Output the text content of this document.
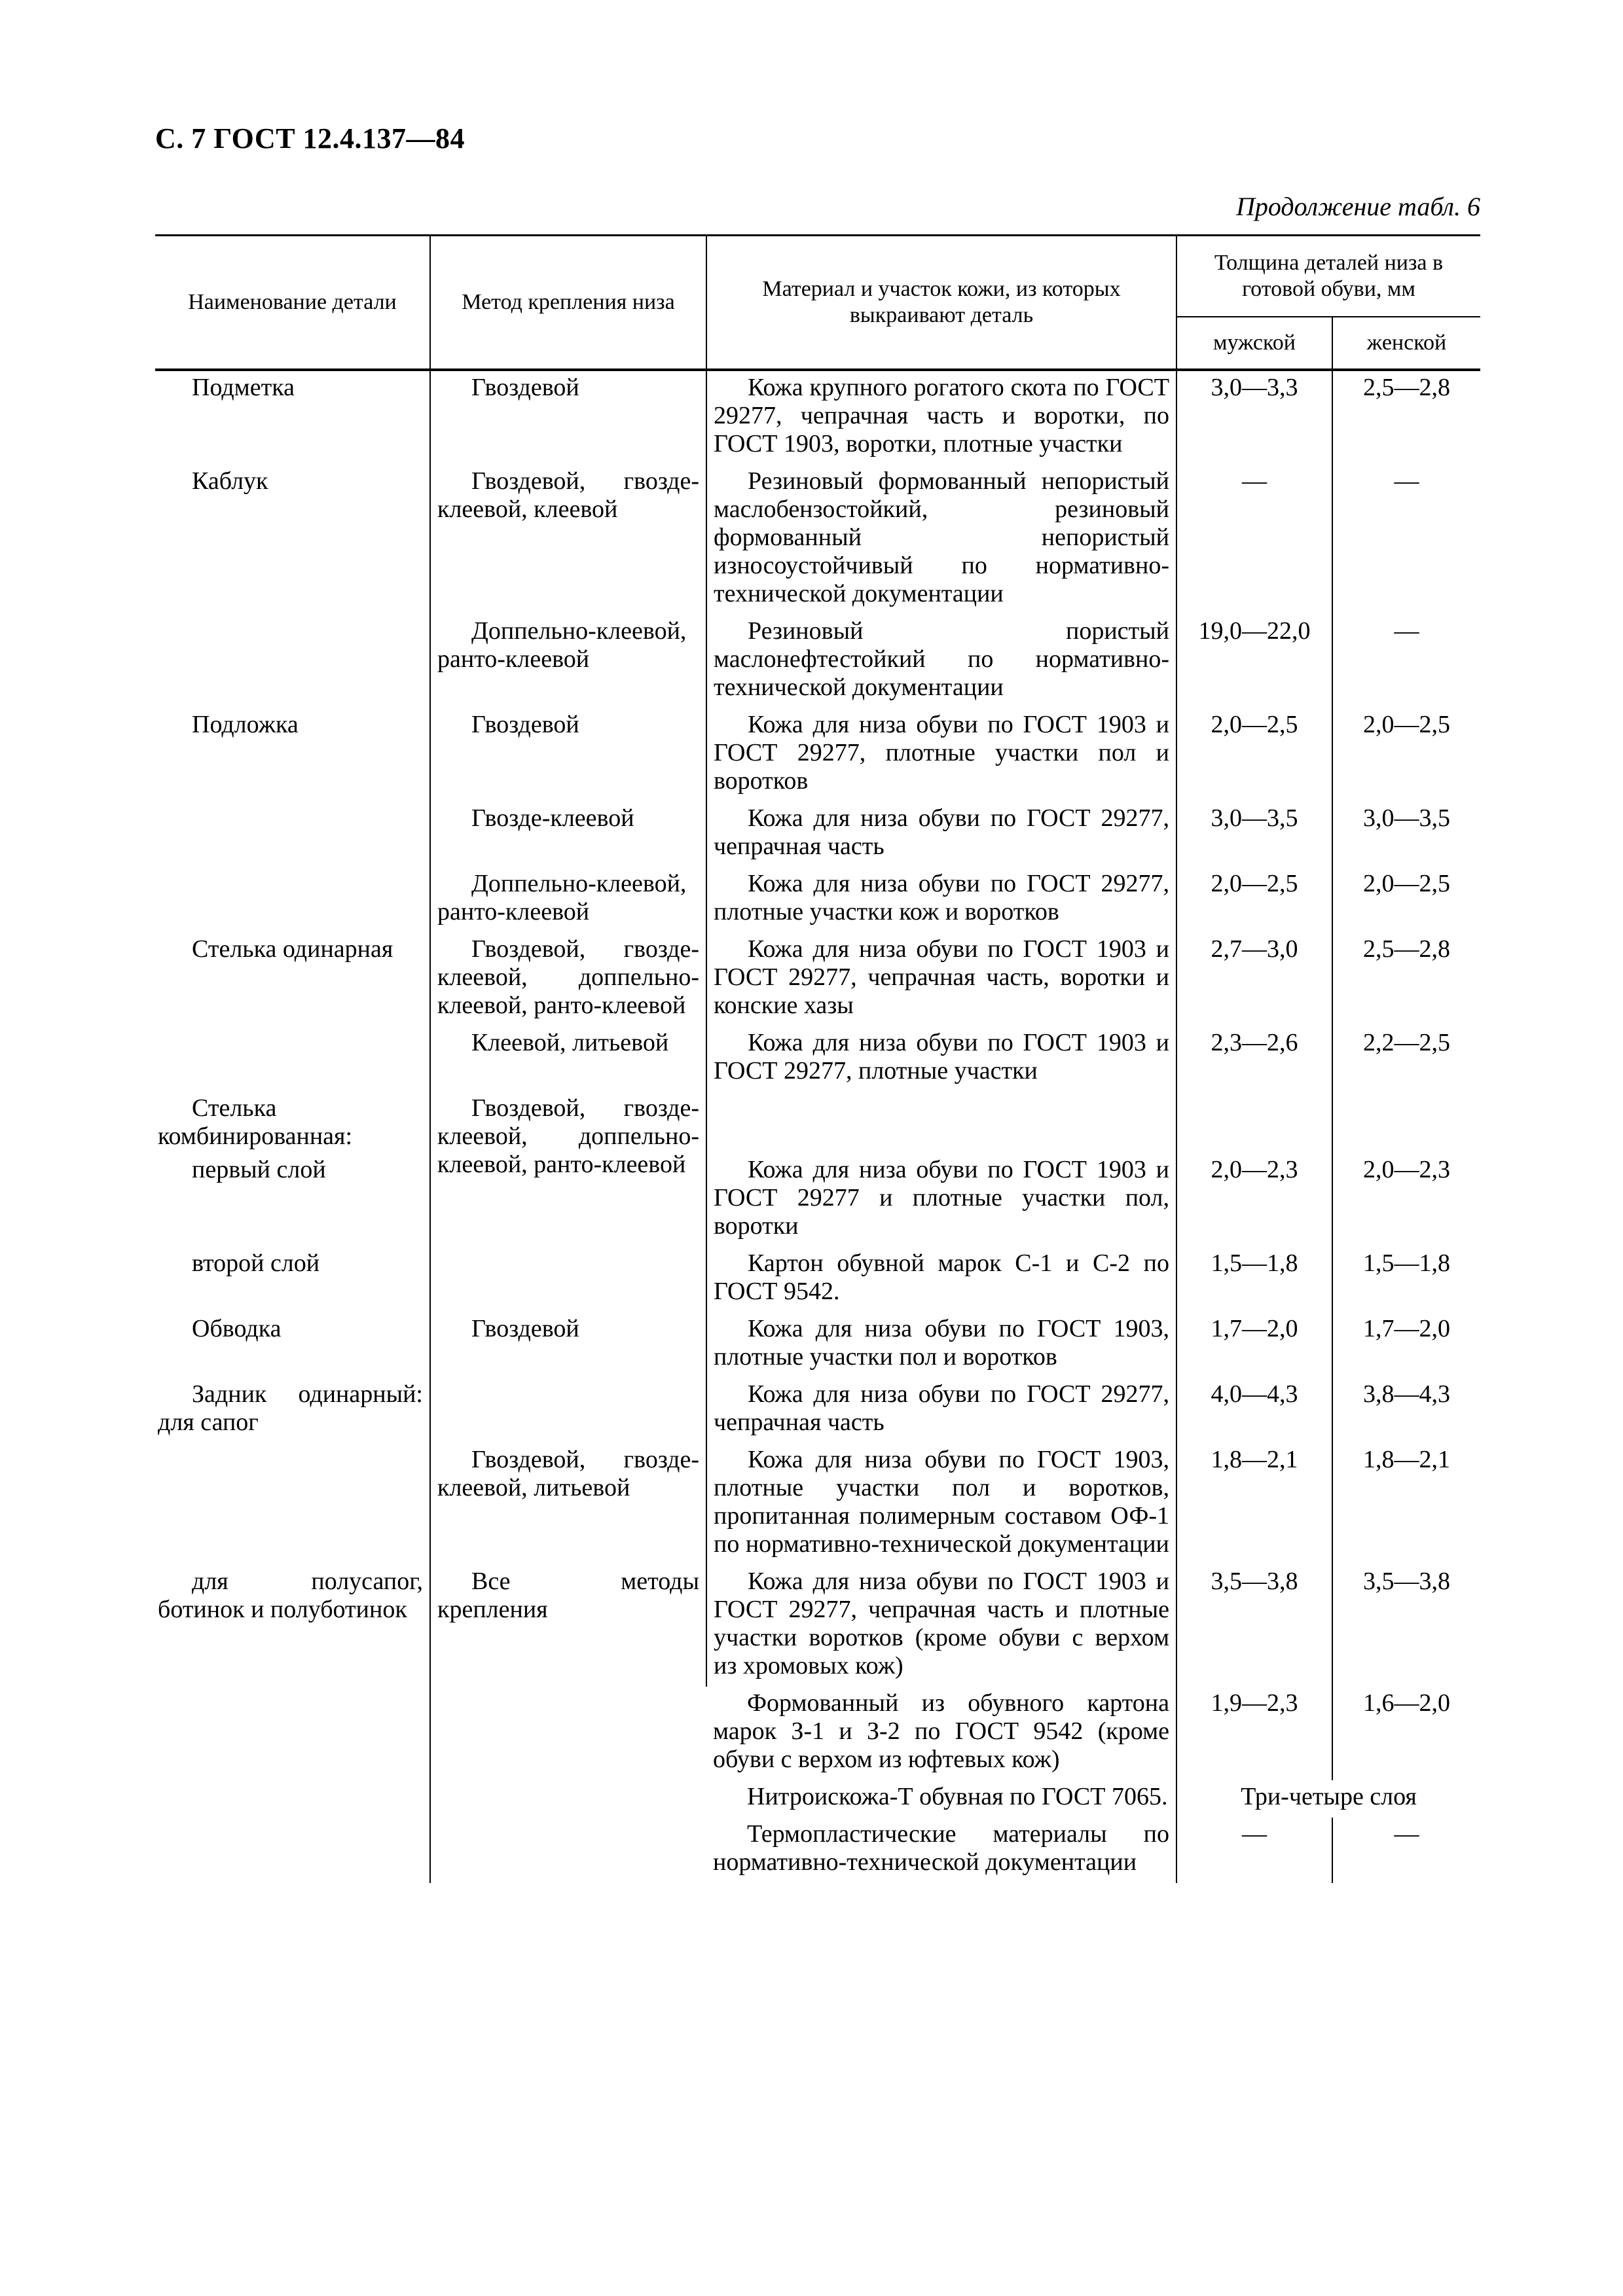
С. 7 ГОСТ 12.4.137—84
Продолжение табл. 6
Наименование детали	Метод крепления низа	Материал и участок кожи, из которых выкраивают деталь	Толщина деталей низа в готовой обуви, мм	
			мужской	женской

Подметка	Гвоздевой	Кожа крупного рогатого скота по ГОСТ 29277, чепрачная часть и воротки, по ГОСТ 1903, воротки, плотные участки	3,0—3,3	2,5—2,8

Каблук	Гвоздевой, гвозде-клеевой, клеевой	Резиновый формованный непористый маслобензостойкий, резиновый формованный непористый износоустойчивый по нормативно-технической документации	—	—

	Доппельно-клеевой, ранто-клеевой	Резиновый пористый маслонефтестойкий по нормативно-технической документации	19,0—22,0	—

Подложка	Гвоздевой	Кожа для низа обуви по ГОСТ 1903 и ГОСТ 29277, плотные участки пол и воротков	2,0—2,5	2,0—2,5

	Гвозде-клеевой	Кожа для низа обуви по ГОСТ 29277, чепрачная часть	3,0—3,5	3,0—3,5

	Доппельно-клеевой, ранто-клеевой	Кожа для низа обуви по ГОСТ 29277, плотные участки кож и воротков	2,0—2,5	2,0—2,5

Стелька одинарная	Гвоздевой, гвозде-клеевой, доппельно-клеевой, ранто-клеевой	Кожа для низа обуви по ГОСТ 1903 и ГОСТ 29277, чепрачная часть, воротки и конские хазы	2,7—3,0	2,5—2,8

	Клеевой, литьевой	Кожа для низа обуви по ГОСТ 1903 и ГОСТ 29277, плотные участки	2,3—2,6	2,2—2,5

Стелька комбинированная:	Гвоздевой, гвозде-клеевой, доппельно-клеевой, ранто-клеевой			

первый слой		Кожа для низа обуви по ГОСТ 1903 и ГОСТ 29277 и плотные участки пол, воротки	2,0—2,3	2,0—2,3

второй слой		Картон обувной марок С-1 и С-2 по ГОСТ 9542.	1,5—1,8	1,5—1,8

Обводка	Гвоздевой	Кожа для низа обуви по ГОСТ 1903, плотные участки пол и воротков	1,7—2,0	1,7—2,0

Задник одинарный: для сапог		Кожа для низа обуви по ГОСТ 29277, чепрачная часть	4,0—4,3	3,8—4,3

	Гвоздевой, гвозде-клеевой, литьевой	Кожа для низа обуви по ГОСТ 1903, плотные участки пол и воротков, пропитанная полимерным составом ОФ-1 по нормативно-технической документации	1,8—2,1	1,8—2,1

для полусапог, ботинок и полуботинок	Все методы крепления	Кожа для низа обуви по ГОСТ 1903 и ГОСТ 29277, чепрачная часть и плотные участки воротков (кроме обуви с верхом из хромовых кож)	3,5—3,8	3,5—3,8

		Формованный из обувного картона марок З-1 и З-2 по ГОСТ 9542 (кроме обуви с верхом из юфтевых кож)	1,9—2,3	1,6—2,0

		Нитроискожа-Т обувная по ГОСТ 7065.	Три-четыре слоя	

		Термопластические материалы по нормативно-технической документации	—	—
